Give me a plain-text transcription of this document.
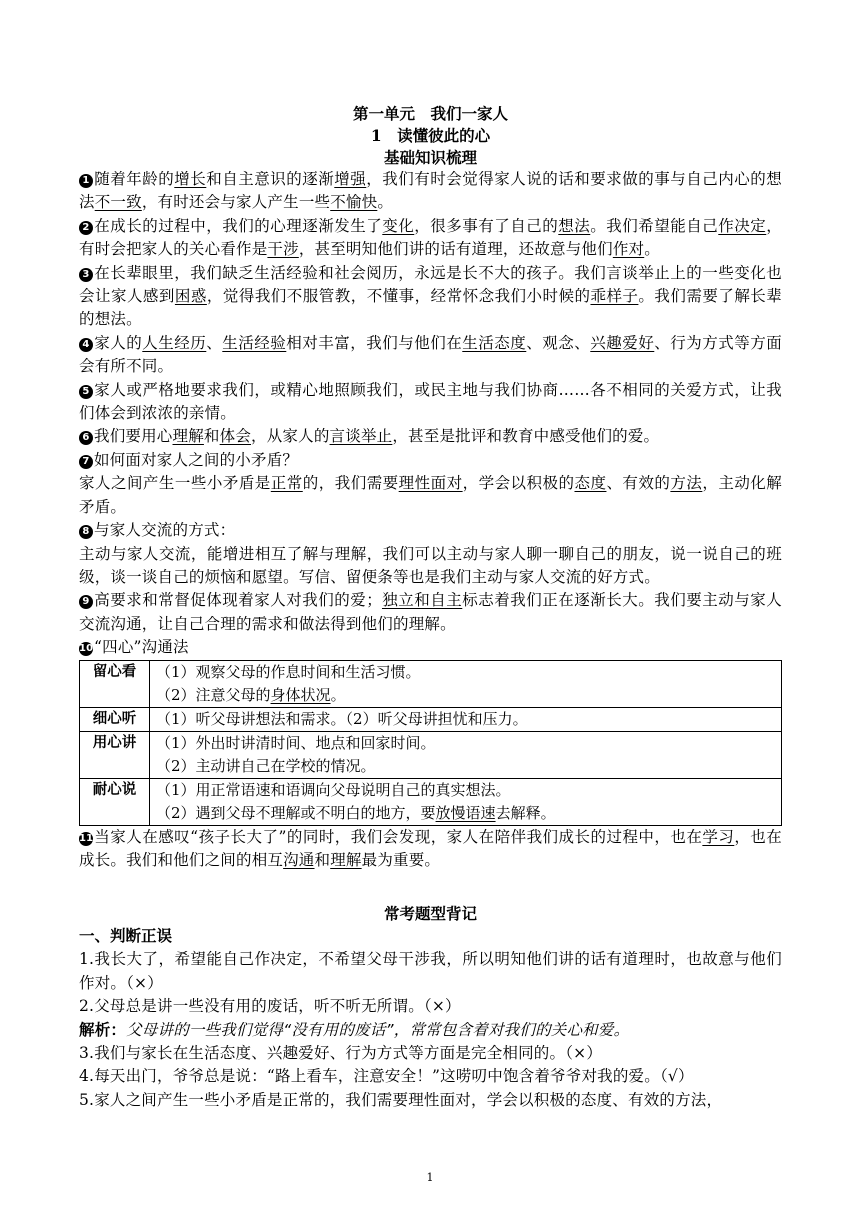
第一单元　我们一家人
1　读懂彼此的心
基础知识梳理

1 随着年龄的增长和自主意识的逐渐增强，我们有时会觉得家人说的话和要求做的事与自己内心的想法不一致，有时还会与家人产生一些不愉快。

2 在成长的过程中，我们的心理逐渐发生了变化，很多事有了自己的想法。我们希望能自己作决定，有时会把家人的关心看作是干涉，甚至明知他们讲的话有道理，还故意与他们作对。

3 在长辈眼里，我们缺乏生活经验和社会阅历，永远是长不大的孩子。我们言谈举止上的一些变化也会让家人感到困惑，觉得我们不服管教，不懂事，经常怀念我们小时候的乖样子。我们需要了解长辈的想法。

4 家人的人生经历、生活经验相对丰富，我们与他们在生活态度、观念、兴趣爱好、行为方式等方面会有所不同。

5 家人或严格地要求我们，或精心地照顾我们，或民主地与我们协商……各不相同的关爱方式，让我们体会到浓浓的亲情。

6 我们要用心理解和体会，从家人的言谈举止，甚至是批评和教育中感受他们的爱。

7 如何面对家人之间的小矛盾？

家人之间产生一些小矛盾是正常的，我们需要理性面对，学会以积极的态度、有效的方法，主动化解矛盾。

8 与家人交流的方式：

主动与家人交流，能增进相互了解与理解，我们可以主动与家人聊一聊自己的朋友，说一说自己的班级，谈一谈自己的烦恼和愿望。写信、留便条等也是我们主动与家人交流的好方式。

9 高要求和常督促体现着家人对我们的爱；独立和自主标志着我们正在逐渐长大。我们要主动与家人交流沟通，让自己合理的需求和做法得到他们的理解。

10“四心”沟通法

留心看	（1）观察父母的作息时间和生活习惯。
（2）注意父母的身体状况。

细心听	（1）听父母讲想法和需求。（2）听父母讲担忧和压力。

用心讲	（1）外出时讲清时间、地点和回家时间。
（2）主动讲自己在学校的情况。

耐心说	（1）用正常语速和语调向父母说明自己的真实想法。
（2）遇到父母不理解或不明白的地方，要放慢语速去解释。

11当家人在感叹“孩子长大了”的同时，我们会发现，家人在陪伴我们成长的过程中，也在学习，也在成长。我们和他们之间的相互沟通和理解最为重要。

常考题型背记
一、判断正误

1.我长大了，希望能自己作决定，不希望父母干涉我，所以明知他们讲的话有道理时，也故意与他们作对。（×）

2.父母总是讲一些没有用的废话，听不听无所谓。（×）

解析：父母讲的一些我们觉得“没有用的废话”，常常包含着对我们的关心和爱。

3.我们与家长在生活态度、兴趣爱好、行为方式等方面是完全相同的。（×）

4.每天出门，爷爷总是说：“路上看车，注意安全！”这唠叨中饱含着爷爷对我的爱。（√）

5.家人之间产生一些小矛盾是正常的，我们需要理性面对，学会以积极的态度、有效的方法，

1
